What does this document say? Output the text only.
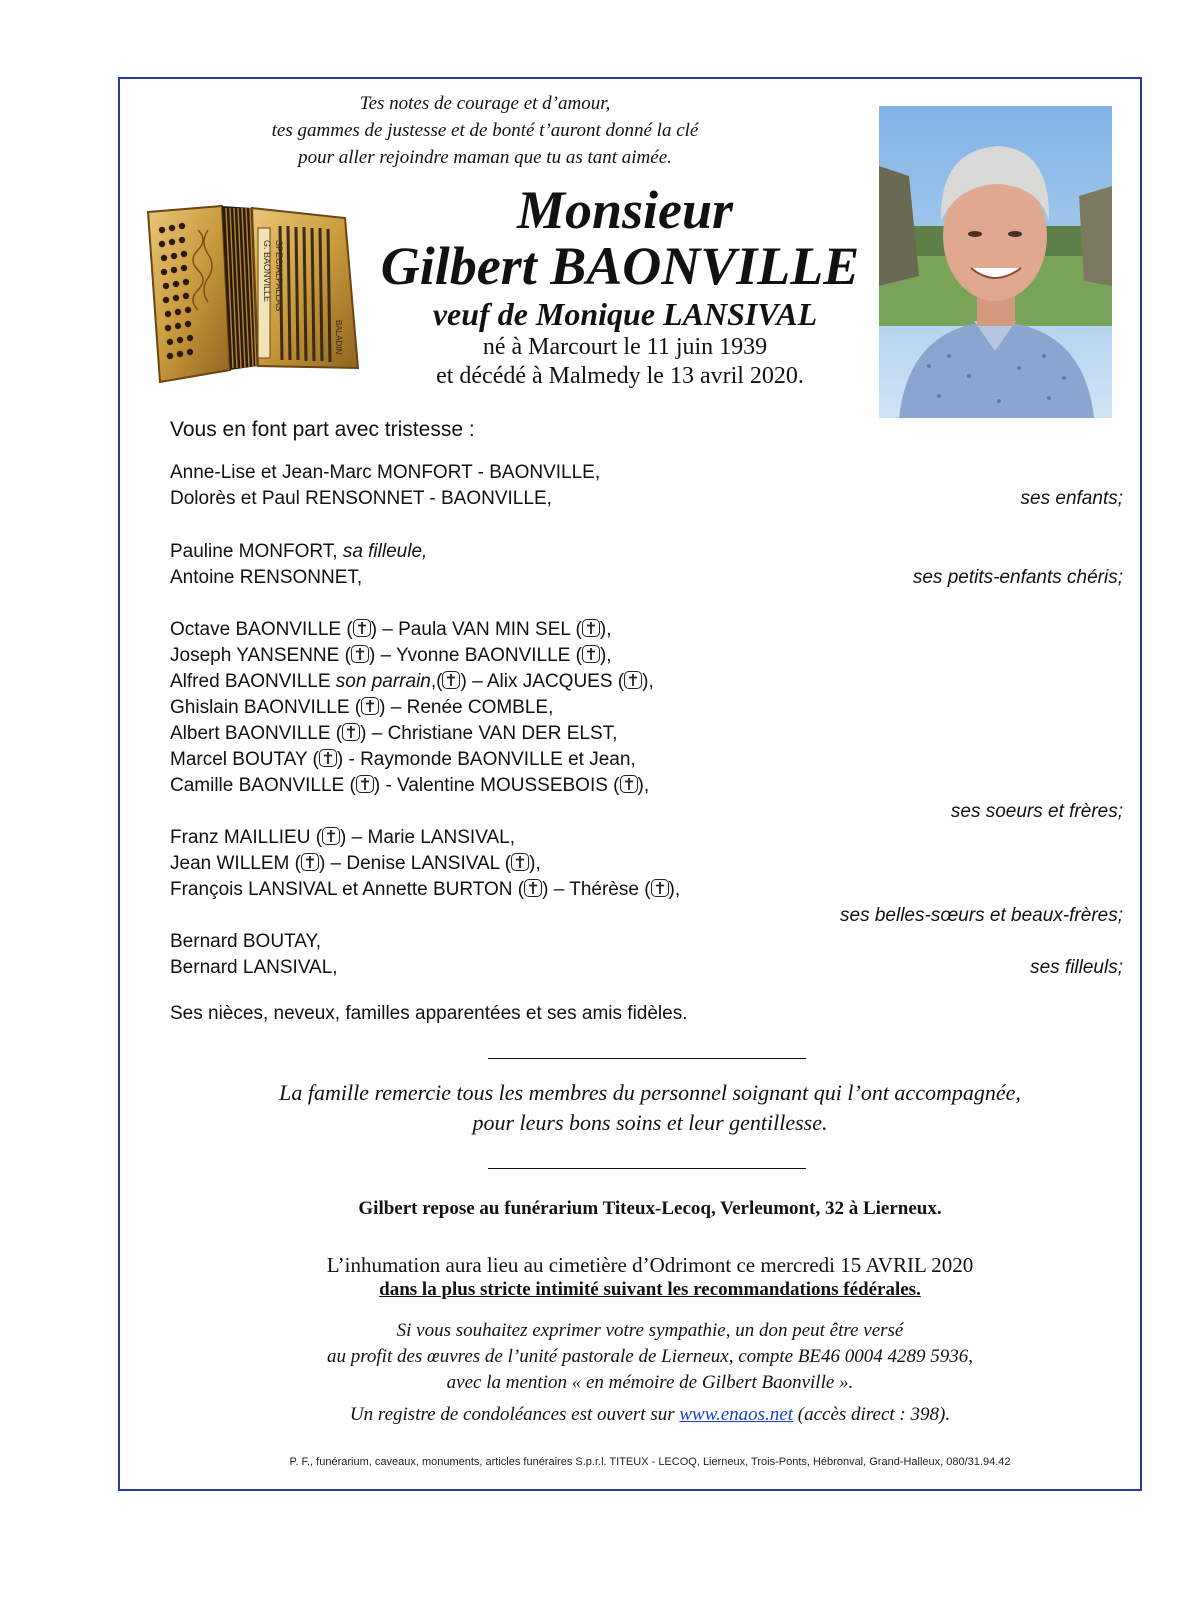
Tes notes de courage et d’amour,
tes gammes de justesse et de bonté t’auront donné la clé
pour aller rejoindre maman que tu as tant aimée.
G. BAONVILLE SPECIALPALLAS
BALADIN
Monsieur
Gilbert BAONVILLE
veuf de Monique LANSIVAL
né à Marcourt le 11 juin 1939
et décédé à Malmedy le 13 avril 2020.
Vous en font part avec tristesse :
Anne-Lise et Jean-Marc MONFORT - BAONVILLE,
Dolorès et Paul RENSONNET - BAONVILLE,	ses enfants;
Pauline MONFORT, sa filleule,
Antoine RENSONNET,	ses petits-enfants chéris;
Octave BAONVILLE ( ) – Paula VAN MIN SEL ( ),
Joseph YANSENNE ( ) – Yvonne BAONVILLE ( ),
Alfred BAONVILLE son parrain,( ) – Alix JACQUES ( ),
Ghislain BAONVILLE ( ) – Renée COMBLE,
Albert BAONVILLE ( ) – Christiane VAN DER ELST,
Marcel BOUTAY ( ) - Raymonde BAONVILLE et Jean,
Camille BAONVILLE ( ) - Valentine MOUSSEBOIS ( ),
ses soeurs et frères;
Franz MAILLIEU ( ) – Marie LANSIVAL,
Jean WILLEM ( ) – Denise LANSIVAL ( ),
François LANSIVAL et Annette BURTON ( ) – Thérèse ( ),
ses belles-sœurs et beaux-frères;
Bernard BOUTAY,
Bernard LANSIVAL,	ses filleuls;
Ses nièces, neveux, familles apparentées et ses amis fidèles.
La famille remercie tous les membres du personnel soignant qui l’ont accompagnée,
pour leurs bons soins et leur gentillesse.
Gilbert repose au funérarium Titeux-Lecoq, Verleumont, 32 à Lierneux.
L’inhumation aura lieu au cimetière d’Odrimont ce mercredi 15 AVRIL 2020
dans la plus stricte intimité suivant les recommandations fédérales.
Si vous souhaitez exprimer votre sympathie, un don peut être versé
au profit des œuvres de l’unité pastorale de Lierneux, compte BE46 0004 4289 5936,
avec la mention « en mémoire de Gilbert Baonville ».
Un registre de condoléances est ouvert sur www.enaos.net (accès direct : 398).
P. F., funérarium, caveaux, monuments, articles funéraires S.p.r.l. TITEUX - LECOQ, Lierneux, Trois-Ponts, Hébronval, Grand-Halleux, 080/31.94.42
